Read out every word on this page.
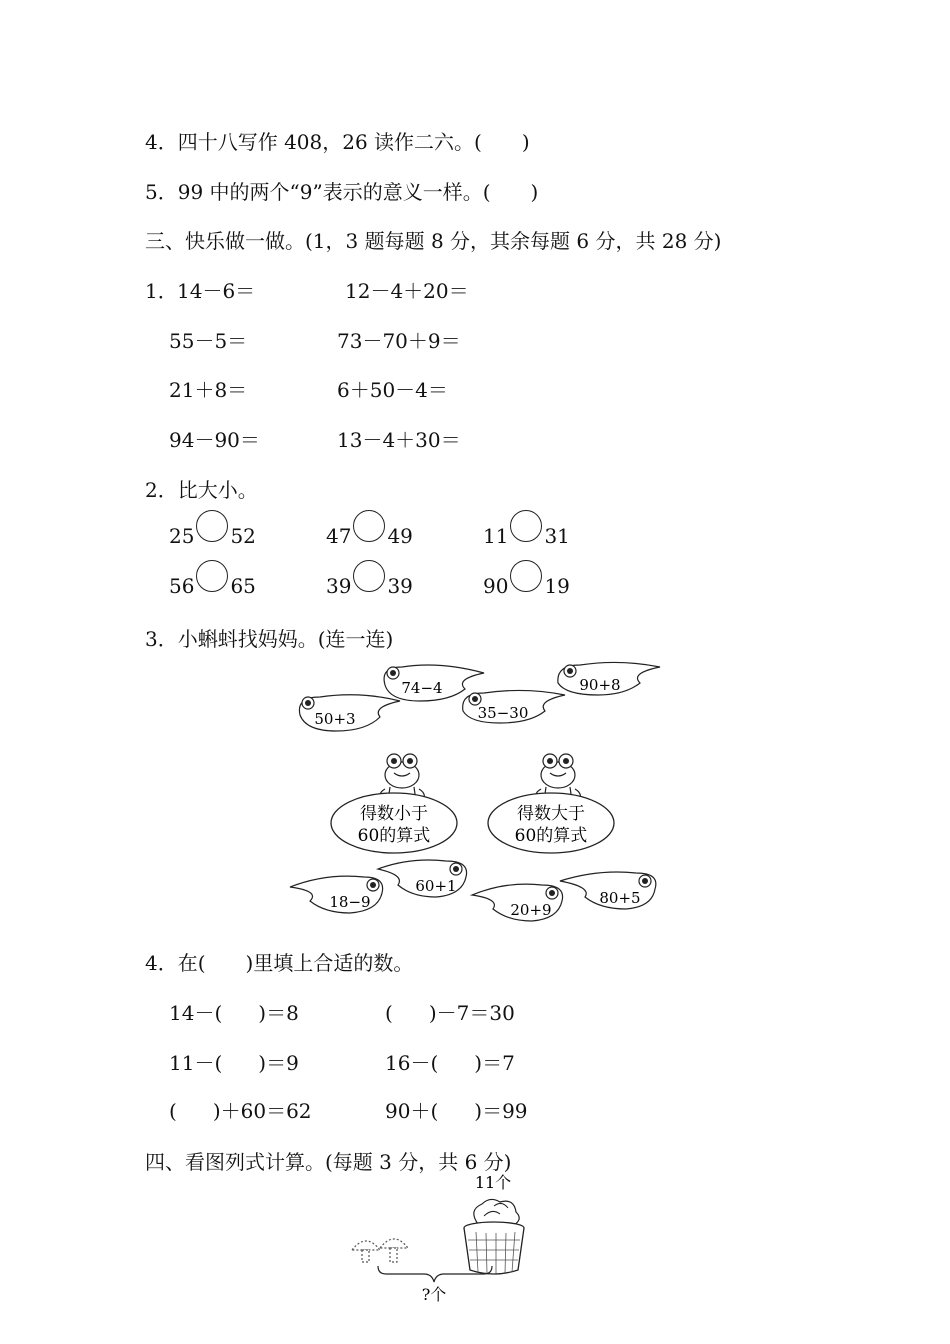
4．四十八写作 408，26 读作二六。(　　)
5．99 中的两个“9”表示的意义一样。(　　)
三、快乐做一做。(1，3 题每题 8 分，其余每题 6 分，共 28 分)
1． 14－6＝	12－4＋20＝
55－5＝	73－70＋9＝
21＋8＝	6＋50－4＝
94－90＝	13－4＋30＝
2．比大小。
25 52	47 49	11 31
56 65	39 39	90 19
3．小蝌蚪找妈妈。(连一连)
74−4	90+8
50+3	35−30
得数小于
60的算式
得数大于
60的算式
18−9
60+1
20+9
80+5
4．在(　　)里填上合适的数。
14－( )＝8	( )－7＝30
11－( )＝9	16－( )＝7
( )＋60＝62	90＋( )＝99
四、看图列式计算。(每题 3 分，共 6 分)
11个
?个
